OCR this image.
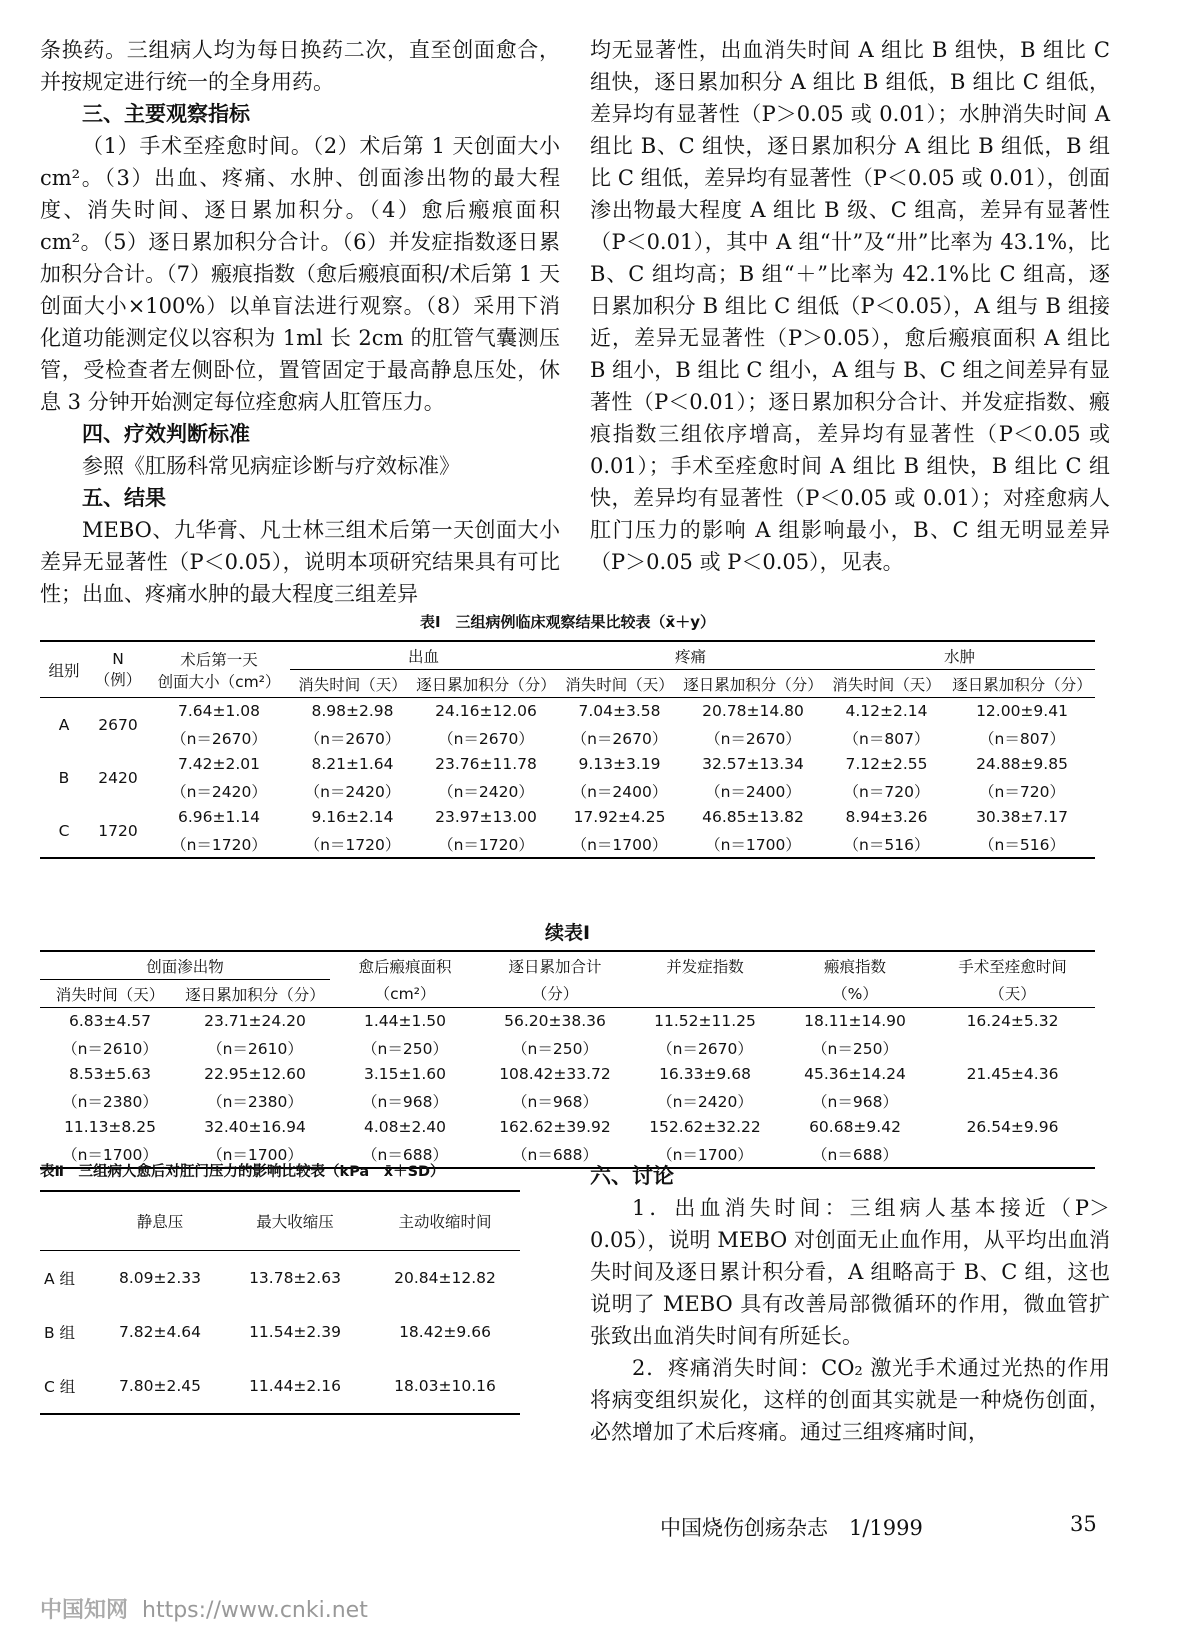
条换药。三组病人均为每日换药二次，直至创面愈合，并按规定进行统一的全身用药。

三、主要观察指标

（1）手术至痊愈时间。（2）术后第 1 天创面大小 cm²。（3）出血、疼痛、水肿、创面渗出物的最大程度、消失时间、逐日累加积分。（4）愈后瘢痕面积 cm²。（5）逐日累加积分合计。（6）并发症指数逐日累加积分合计。（7）瘢痕指数（愈后瘢痕面积/术后第 1 天创面大小×100%）以单盲法进行观察。（8）采用下消化道功能测定仪以容积为 1ml 长 2cm 的肛管气囊测压管，受检查者左侧卧位，置管固定于最高静息压处，休息 3 分钟开始测定每位痊愈病人肛管压力。

四、疗效判断标准

参照《肛肠科常见病症诊断与疗效标准》

五、结果

MEBO、九华膏、凡士林三组术后第一天创面大小差异无显著性（P＜0.05），说明本项研究结果具有可比性；出血、疼痛水肿的最大程度三组差异

均无显著性，出血消失时间 A 组比 B 组快，B 组比 C 组快，逐日累加积分 A 组比 B 组低，B 组比 C 组低，差异均有显著性（P＞0.05 或 0.01）；水肿消失时间 A 组比 B、C 组快，逐日累加积分 A 组比 B 组低，B 组比 C 组低，差异均有显著性（P＜0.05 或 0.01），创面渗出物最大程度 A 组比 B 级、C 组高，差异有显著性（P＜0.01），其中 A 组“卄”及“卅”比率为 43.1%，比 B、C 组均高；B 组“＋”比率为 42.1%比 C 组高，逐日累加积分 B 组比 C 组低（P＜0.05），A 组与 B 组接近，差异无显著性（P＞0.05），愈后瘢痕面积 A 组比 B 组小，B 组比 C 组小，A 组与 B、C 组之间差异有显著性（P＜0.01）；逐日累加积分合计、并发症指数、瘢痕指数三组依序增高，差异均有显著性（P＜0.05 或 0.01）；手术至痊愈时间 A 组比 B 组快，B 组比 C 组快，差异均有显著性（P＜0.05 或 0.01）；对痊愈病人肛门压力的影响 A 组影响最小，B、C 组无明显差异（P＞0.05 或 P＜0.05），见表。

表Ⅰ　三组病例临床观察结果比较表（x̄＋y）
组别	N
（例）	术后第一天
创面大小（cm²）	出血		疼痛		水肿	
			消失时间（天）	逐日累加积分（分）	消失时间（天）	逐日累加积分（分）	消失时间（天）	逐日累加积分（分）
A	2670	7.64±1.08	8.98±2.98	24.16±12.06	7.04±3.58	20.78±14.80	4.12±2.14	12.00±9.41
		（n＝2670）	（n＝2670）	（n＝2670）	（n＝2670）	（n＝2670）	（n＝807）	（n＝807）
B	2420	7.42±2.01	8.21±1.64	23.76±11.78	9.13±3.19	32.57±13.34	7.12±2.55	24.88±9.85
		（n＝2420）	（n＝2420）	（n＝2420）	（n＝2400）	（n＝2400）	（n＝720）	（n＝720）
C	1720	6.96±1.14	9.16±2.14	23.97±13.00	17.92±4.25	46.85±13.82	8.94±3.26	30.38±7.17
		（n＝1720）	（n＝1720）	（n＝1720）	（n＝1700）	（n＝1700）	（n＝516）	（n＝516）
续表Ⅰ
创面渗出物		愈后瘢痕面积	逐日累加合计	并发症指数	瘢痕指数	手术至痊愈时间
消失时间（天）	逐日累加积分（分）	（cm²）	（分）		（%）	（天）
6.83±4.57	23.71±24.20	1.44±1.50	56.20±38.36	11.52±11.25	18.11±14.90	16.24±5.32
（n＝2610）	（n＝2610）	（n＝250）	（n＝250）	（n＝2670）	（n＝250）	
8.53±5.63	22.95±12.60	3.15±1.60	108.42±33.72	16.33±9.68	45.36±14.24	21.45±4.36
（n＝2380）	（n＝2380）	（n＝968）	（n＝968）	（n＝2420）	（n＝968）	
11.13±8.25	32.40±16.94	4.08±2.40	162.62±39.92	152.62±32.22	60.68±9.42	26.54±9.96
（n＝1700）	（n＝1700）	（n＝688）	（n＝688）	（n＝1700）	（n＝688）	
表Ⅱ　三组病人愈后对肛门压力的影响比较表（kPa　x̄＋SD）
	静息压	最大收缩压	主动收缩时间
A 组	8.09±2.33	13.78±2.63	20.84±12.82
B 组	7.82±4.64	11.54±2.39	18.42±9.66
C 组	7.80±2.45	11.44±2.16	18.03±10.16

六、讨论

1．出血消失时间：三组病人基本接近（P＞0.05），说明 MEBO 对创面无止血作用，从平均出血消失时间及逐日累计积分看，A 组略高于 B、C 组，这也说明了 MEBO 具有改善局部微循环的作用，微血管扩张致出血消失时间有所延长。

2．疼痛消失时间：CO₂ 激光手术通过光热的作用将病变组织炭化，这样的创面其实就是一种烧伤创面，必然增加了术后疼痛。通过三组疼痛时间，

中国烧伤创疡杂志　1/1999	35
中国知网 https://www.cnki.net
